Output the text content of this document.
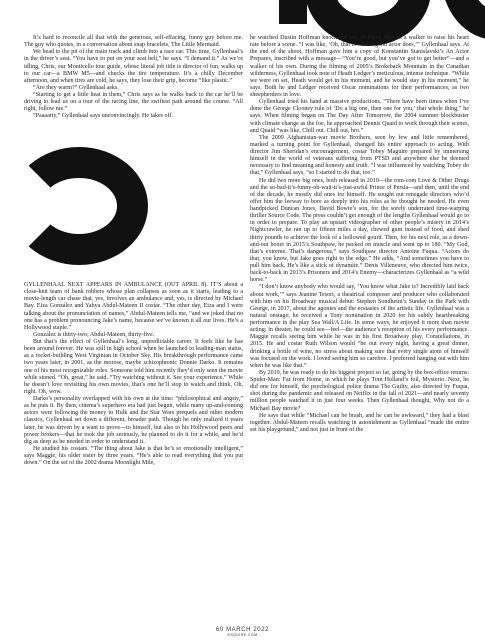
It’s hard to reconcile all that with the generous, self-effacing, funny guy before me. The guy who quotes, in a conversation about snap bracelets, The Little Mermaid.

We head to the pit of the main track and climb into a race car. This time, Gyllenhaal’s in the driver’s seat. “You have to put on your seat belt,” he says. “I demand it.” As we’re idling, Chris, our Monticello tour guide, whose literal job title is director of fun, walks up to our car—a BMW M5—and checks the tire temperature. It’s a chilly December afternoon, and when tires are cold, he says, they lose their grip, become “like plastic.”

“Are they warm?” Gyllenhaal asks.

“Starting to get a little heat in them,” Chris says as he walks back to the car he’ll be driving to lead us on a tour of the racing line, the swiftest path around the course. “All right, follow me.”

“Paaaarty,” Gyllenhaal says unconvincingly. He takes off.

GYLLENHAAL NEXT APPEARS IN AMBULANCE (OUT APRIL 8). IT’S about a close-knit team of bank robbers whose plan collapses as soon as it starts, leading to a movie-length car chase that, yes, involves an ambulance and, yes, is directed by Michael Bay. Eiza González and Yahya Abdul-Mateen II costar. “The other day, Eiza and I were talking about the pronunciation of names,” Abdul-Mateen tells me, “and we joked that no one has a problem pronouncing Jake’s name, because we’ve known it all our lives. He’s a Hollywood staple.”

González is thirty-two; Abdul-Mateen, thirty-five.

But that’s the effect of Gyllenhaal’s long, unpredictable career. It feels like he has been around forever. He was still in high school when he launched to leading-man status, as a rocket-building West Virginian in October Sky. His breakthrough performance came two years later, in 2001, as the morose, maybe schizophrenic Donnie Darko. It remains one of his most recognizable roles. Someone told him recently they’d only seen the movie while stoned. “Oh, great,” he said. “Try watching without it. See your experience.” While he doesn’t love revisiting his own movies, that’s one he’ll stop to watch and think, Oh, right. Oh, wow.

Darko’s personality overlapped with his own at the time: “philosophical and angsty,” as he puts it. By then, cinema’s superhero era had just begun, while many up-and-coming actors were following the money to Hulk and the Star Wars prequels and other modern classics, Gyllenhaal set down a different, broader path. Though he only realized it years later, he was driven by a want to prove—to himself, but also to his Hollywood peers and power brokers—that he took the job seriously, he planned to do it for a while, and he’d dig as deep as he needed in order to understand it.

He studied his costars. “The thing about Jake is that he’s so emotionally intelligent,” says Maggie, his older sister by three years. “He’s able to read everything that you put down.” On the set of the 2002 drama Moonlight Mile,

he watched Dustin Hoffman knock out sets of tricep dips on a walker to raise his heart rate before a scene. “I was like, ‘Oh, that is what a good actor does,’” Gyllenhaal says. At the end of the shoot, Hoffman gave him a copy of Konstantin Stanislavski’s An Actor Prepares, inscribed with a message—“You’re good, but you’ve got to get better”—and a walker of his own. During the filming of 2005’s Brokeback Mountain in the Canadian wilderness, Gyllenhaal took note of Heath Ledger’s meticulous, intense technique. “While we were on set, Heath would get in his moment, and he would stay in his moment,” he says. Both he and Ledger received Oscar nominations for their performances, as two sheepherders in love.

Gyllenhaal tried his hand at massive productions. “There have been times when I’ve done the George Clooney rule of ‘Do a big one, then one for you,’ that whole thing,” he says. When filming began on The Day After Tomorrow, the 2004 summer blockbuster with climate change as the foe, he approached Dennis Quaid to work through their scenes, and Quaid “was like, Chill out. Chill out, bro.”

The 2009 Afghanistan-war movie Brothers, seen by few and little remembered, marked a turning point for Gyllenhaal, changed his entire approach to acting. With director Jim Sheridan’s encouragement, costar Tobey Maguire prepared by immersing himself in the world of veterans suffering from PTSD and anywhere else he deemed necessary to find meaning and honesty and truth. “I was influenced by watching Tobey do that,” Gyllenhaal says, “so I started to do that, too.”

He did two more big ones, both released in 2010—the rom-com Love & Other Drugs and the so-bad-it’s-funny-oh-wait-it’s-just-awful Prince of Persia—and then, until the end of the decade, he mostly did ones for himself. He sought out renegade directors who’d offer him the leeway to bore as deeply into his roles as he thought he needed. He even handpicked Duncan Jones, David Bowie’s son, for the sorely underrated time-warping thriller Source Code. The press couldn’t get enough of the lengths Gyllenhaal would go to in order to prepare. To play an upstart videographer of other people’s misery in 2014’s Nightcrawler, he ran up to fifteen miles a day, chewed gum instead of food, and shed thirty pounds to achieve the look of a hollowed gourd. Then, for his next role, as a down-and-out boxer in 2015’s Southpaw, he packed on muscle and went up to 180. “My God, that’s extreme. That’s dangerous,” says Southpaw director Antoine Fuqua. “Actors do that, you know, but Jake goes right to the edge.” He adds, “And sometimes you have to pull him back. He’s like a stick of dynamite.” Denis Villeneuve, who directed him twice, back-to-back in 2013’s Prisoners and 2014’s Enemy—characterizes Gyllenhaal as “a wild horse.”

“I don’t know anybody who would say, ‘You know what Jake is? Incredibly laid back about work,’” says Jeanine Tesori, a theatrical composer and producer who collaborated with him on his Broadway musical debut: Stephen Sondheim’s Sunday in the Park with George, in 2017, about the agonies and the ecstasies of the artistic life. Gyllenhaal was a natural onstage; he received a Tony nomination in 2020 for his subtly heartbreaking performance in the play Sea Wall/A Life. In some ways, he enjoyed it more than movie acting; in theater, he could see—feel—the audience’s reception of his every performance. Maggie recalls seeing him while he was in his first Broadway play, Constellations, in 2015. He and costar Ruth Wilson would “be out every night, having a great dinner, drinking a bottle of wine, no stress about making sure that every single atom of himself was focused on the work. I loved seeing him so carefree. I preferred hanging out with him when he was like that.”

By 2019, he was ready to do his biggest project so far, going by the box-office returns: Spider-Man: Far from Home, in which he plays Tom Holland’s foil, Mysterio. Next, he did one for himself, the psychological police drama The Guilty, also directed by Fuqua, shot during the pandemic and released on Netflix in the fall of 2021—and nearly seventy million people watched it in just four weeks. Then Gyllenhaal thought, Why not do a Michael Bay movie?

He says that while “Michael can be brash, and he can be awkward,” they had a blast together. Abdul-Mateen recalls watching in astonishment as Gyllenhaal “made the entire set his playground,” and not just in front of the

60 MARCH 2022
ESQUIRE.COM
